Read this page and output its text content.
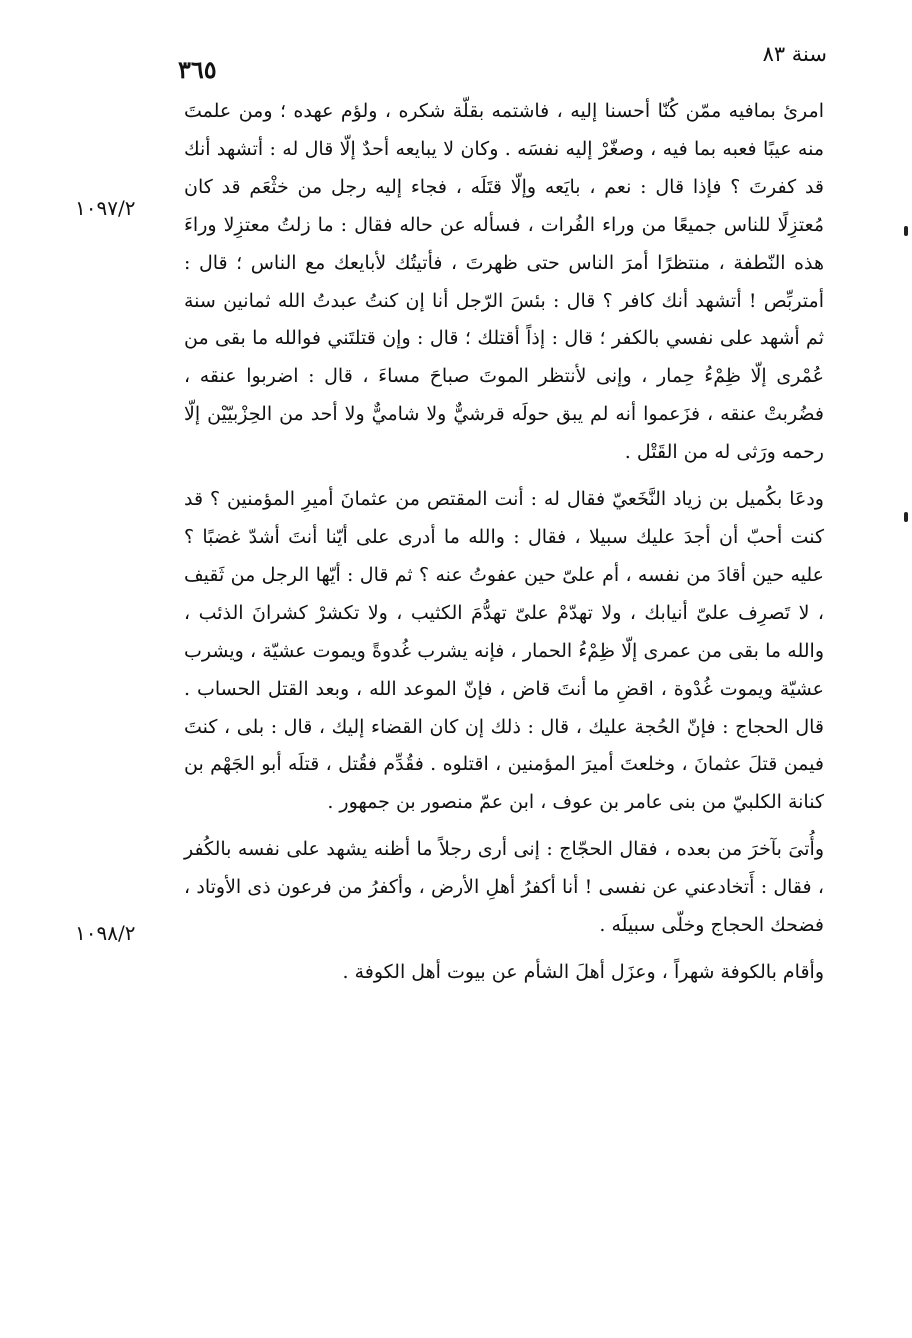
سنة ٨٣
٣٦٥
١٠٩٧/٢
١٠٩٨/٢

امرئ بمافيه ممّن كُنّا أحسنا إليه ، فاشتمه بقلّة شكره ، ولؤم عهده ؛ ومن علمتَ منه عيبًا فعبه بما فيه ، وصغّرْ إليه نفسَه . وكان لا يبايعه أحدٌ إلّا قال له : أتشهد أنك قد كفرتَ ؟ فإذا قال : نعم ، بايَعه وإلّا قتَلَه ، فجاء إليه رجل من خثْعَم قد كان مُعتزِلًا للناس جميعًا من وراء الفُرات ، فسأله عن حاله فقال : ما زلتُ معتزِلا وراءَ هذه النّطفة ، منتظرًا أمرَ الناس حتى ظهرتَ ، فأتيتُك لأبايعك مع الناس ؛ قال : أمتربِّص ! أتشهد أنك كافر ؟ قال : بئسَ الرّجل أنا إن كنتُ عبدتُ الله ثمانين سنة ثم أشهد على نفسي بالكفر ؛ قال : إذاً أقتلك ؛ قال : وإن قتلتَني فوالله ما بقى من عُمْرى إلّا ظِمْءُ حِمار ، وإنى لأنتظر الموتَ صباحَ مساءَ ، قال : اضربوا عنقه ، فضُربتْ عنقه ، فزَعموا أنه لم يبق حولَه قرشيٌّ ولا شاميٌّ ولا أحد من الحِزْبيّيْن إلّا رحمه ورَثى له من القَتْل .

ودعَا بكُميل بن زياد النَّخَعيّ فقال له : أنت المقتص من عثمانَ أميرِ المؤمنين ؟ قد كنت أحبّ أن أجدَ عليك سبيلا ، فقال : والله ما أدرى على أيّنا أنتَ أشدّ غضبًا ؟ عليه حين أقادَ من نفسه ، أم علىّ حين عفوتُ عنه ؟ ثم قال : أيّها الرجل من ثَقيف ، لا تَصرِف علىّ أنيابك ، ولا تهدّمْ علىّ تهدُّمَ الكثيب ، ولا تكشرْ كشرانَ الذئب ، والله ما بقى من عمرى إلّا ظِمْءُ الحمار ، فإنه يشرب غُدوةً ويموت عشيّة ، ويشرب عشيّة ويموت غُدْوة ، اقضِ ما أنتَ قاض ، فإنّ الموعد الله ، وبعد القتل الحساب . قال الحجاج : فإنّ الحُجة عليك ، قال : ذلك إن كان القضاء إليك ، قال : بلى ، كنتَ فيمن قتلَ عثمانَ ، وخلعتَ أميرَ المؤمنين ، اقتلوه . فقُدِّم فقُتل ، قتلَه أبو الجَهْم بن كنانة الكلبيّ من بنى عامر بن عوف ، ابن عمّ منصور بن جمهور .

وأُتىَ بآخرَ من بعده ، فقال الحجّاج : إنى أرى رجلاً ما أظنه يشهد على نفسه بالكُفر ، فقال : أَتخادعني عن نفسى ! أنا أكفرُ أهلِ الأرض ، وأكفرُ من فرعون ذى الأوتاد ، فضحك الحجاج وخلّى سبيلَه .

وأقام بالكوفة شهراً ، وعزَل أهلَ الشأم عن بيوت أهل الكوفة .
